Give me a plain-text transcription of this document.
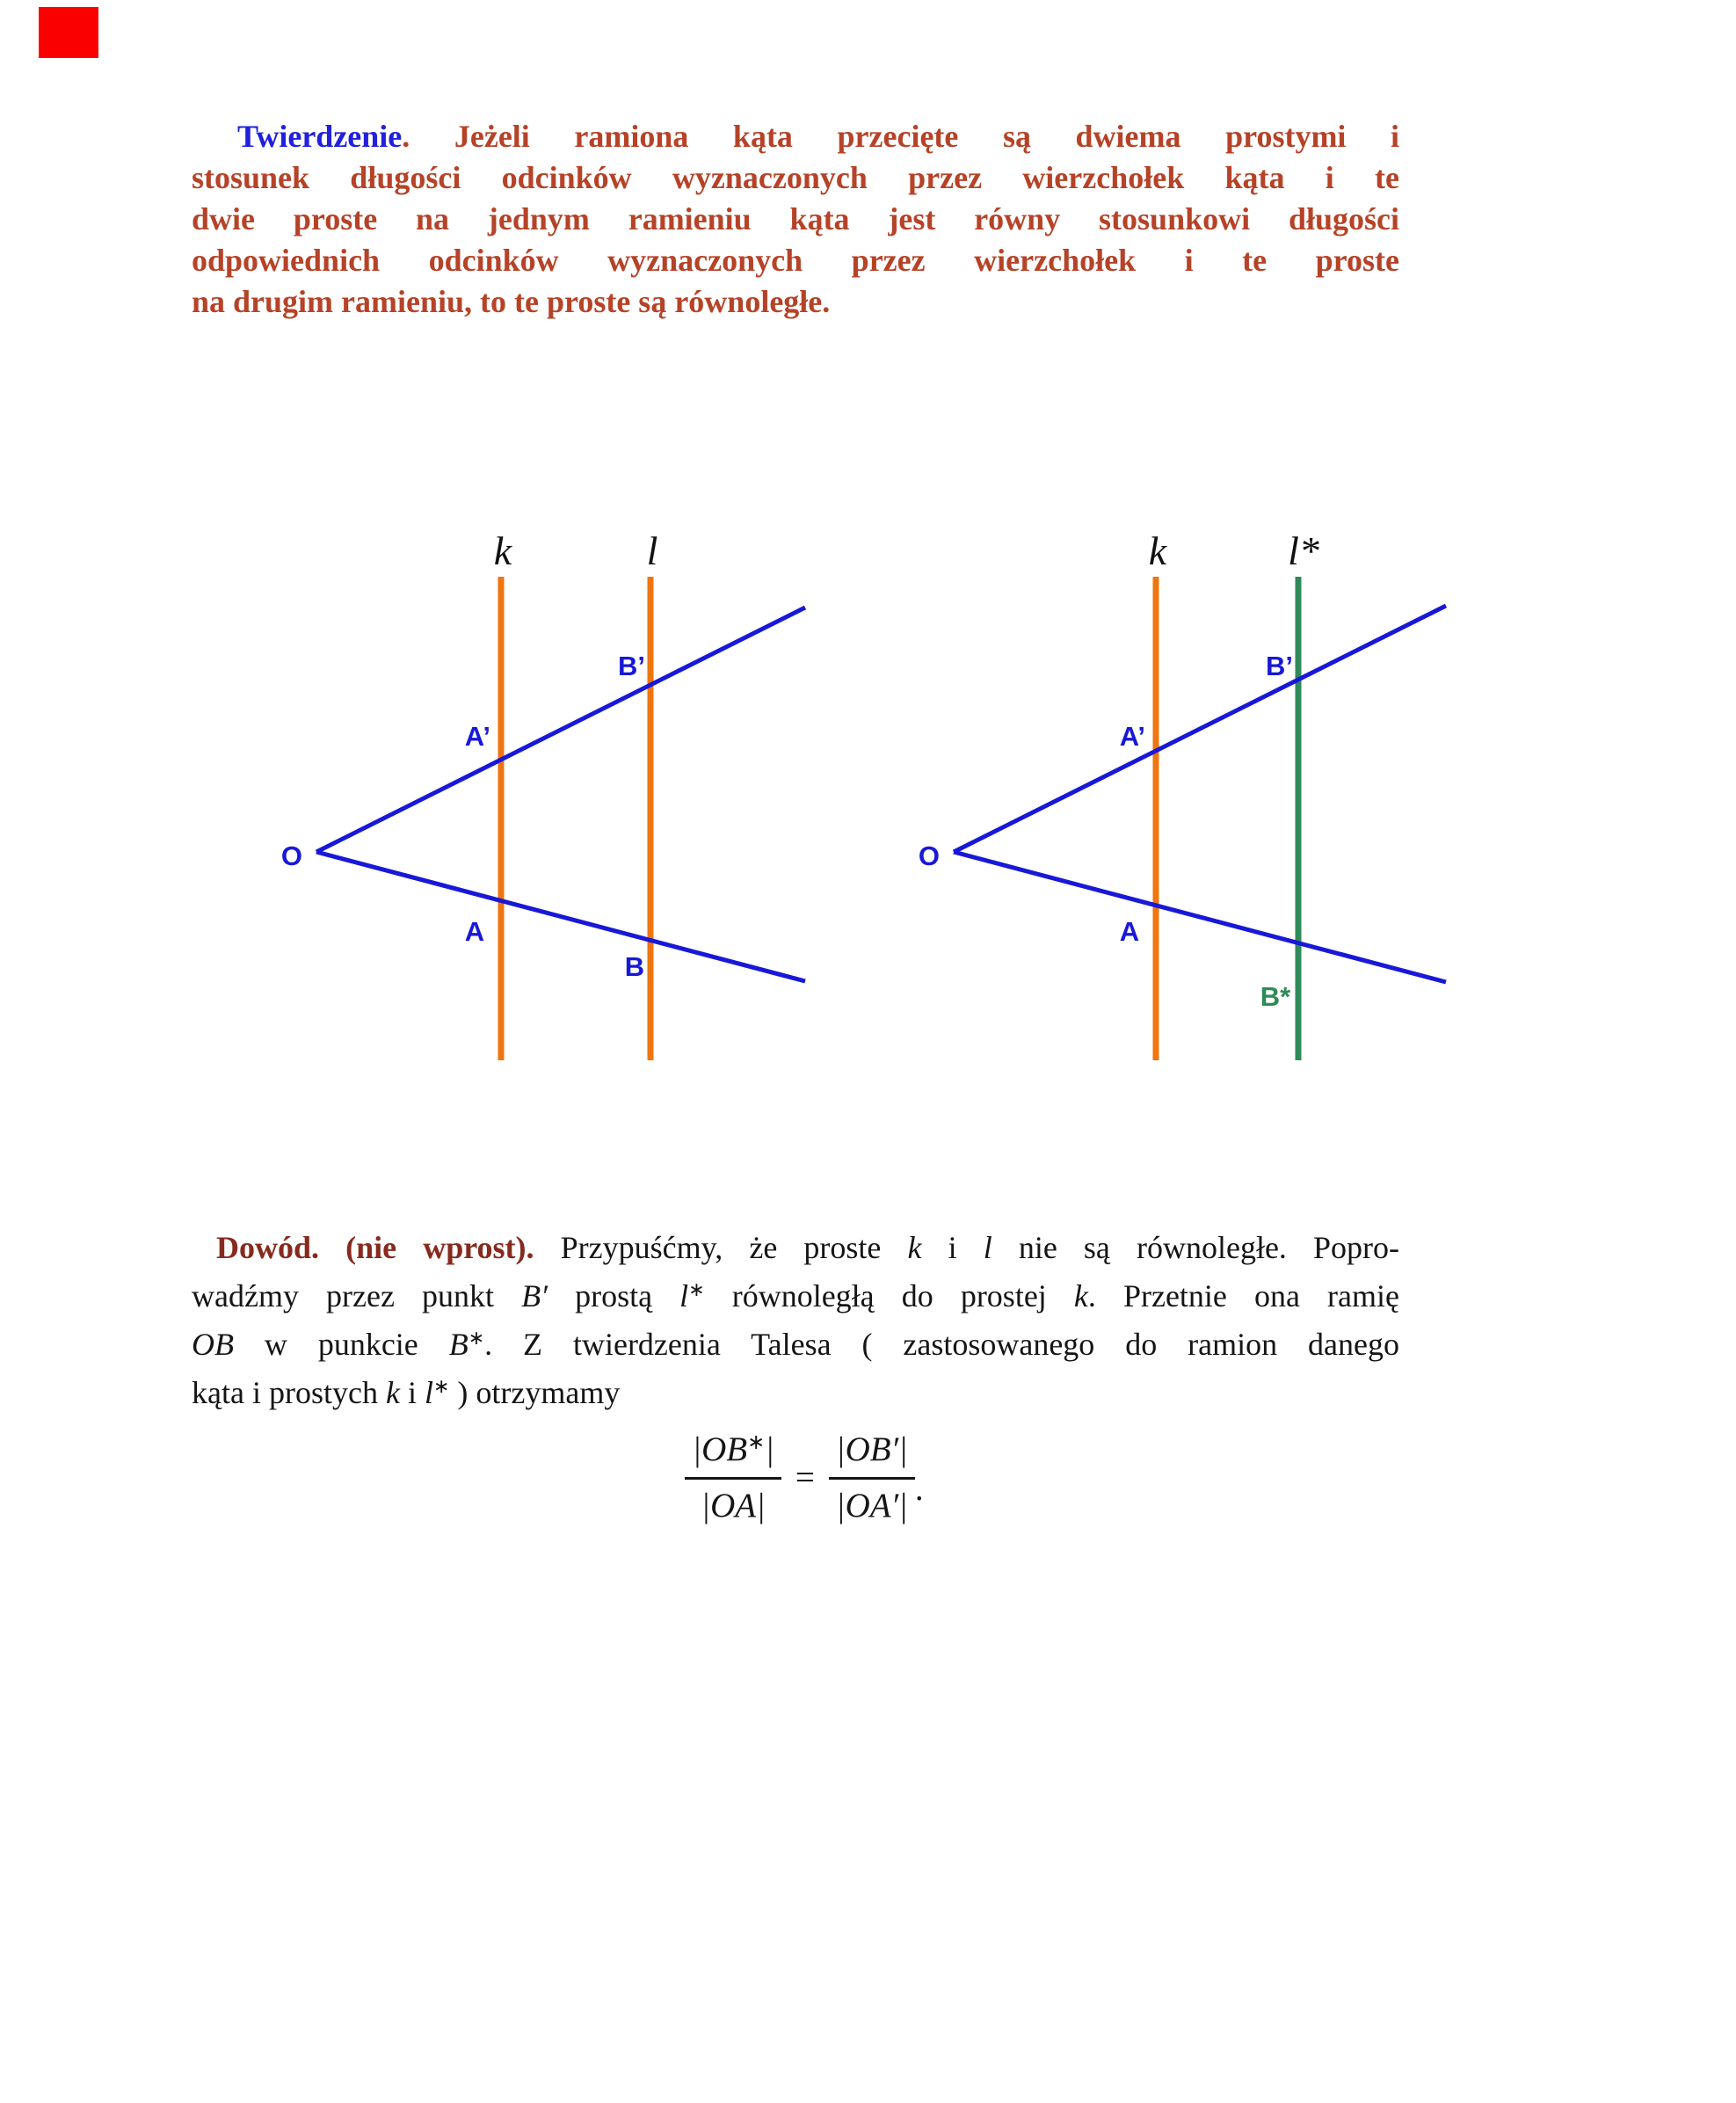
Twierdzenie. Jeżeli ramiona kąta przecięte są dwiema prostymi i
stosunek długości odcinków wyznaczonych przez wierzchołek kąta i te
dwie proste na jednym ramieniu kąta jest równy stosunkowi długości
odpowiednich odcinków wyznaczonych przez wierzchołek i te proste
na drugim ramieniu, to te proste są równoległe.
k	l
O
A’
B’
A
B
k	l*
O
A’
B’
A
B*
Dowód. (nie wprost). Przypuśćmy, że proste k i l nie są równoległe. Popro-
wadźmy przez punkt B′ prostą l∗ równoległą do prostej k. Przetnie ona ramię
OB w punkcie B∗. Z twierdzenia Talesa ( zastosowanego do ramion danego
kąta i prostych k i l∗ ) otrzymamy
$\frac{|OB ∗ |}{|OA|} = \frac{|OB'|}{|OA'|}$ .
